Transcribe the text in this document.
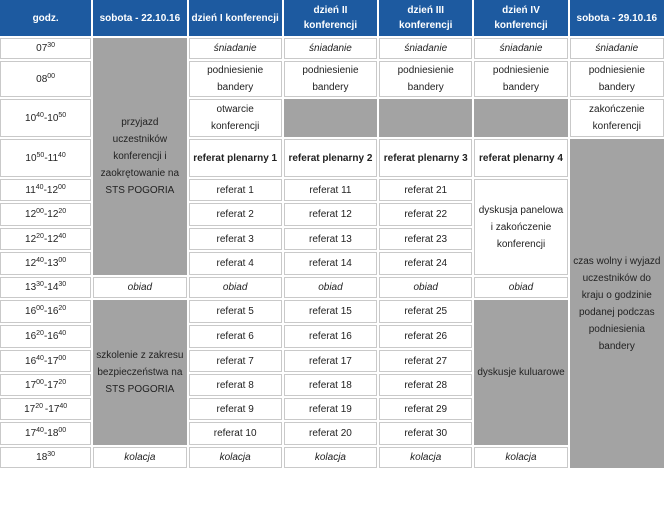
godz.	sobota - 22.10.16	dzień I konferencji	dzień II konferencji	dzień III konferencji	dzień IV konferencji	sobota - 29.10.16
$07^{30}$	przyjazd uczestników konferencji i zaokrętowanie na STS POGORIA	śniadanie	śniadanie	śniadanie	śniadanie	śniadanie
$08^{00}$		podniesienie bandery	podniesienie bandery	podniesienie bandery	podniesienie bandery	podniesienie bandery
$10^{40}-10^{50}$		otwarcie konferencji				zakończenie konferencji
$10^{50}-11^{40}$		referat plenarny 1	referat plenarny 2	referat plenarny 3	referat plenarny 4	czas wolny i wyjazd uczestników do kraju o godzinie podanej podczas podniesienia bandery
$11^{40}-12^{00}$		referat 1	referat 11	referat 21	dyskusja panelowa i zakończenie konferencji	
$12^{00}-12^{20}$		referat 2	referat 12	referat 22		
$12^{20}-12^{40}$		referat 3	referat 13	referat 23		
$12^{40}-13^{00}$		referat 4	referat 14	referat 24		
$13^{30}-14^{30}$	obiad	obiad	obiad	obiad	obiad	
$16^{00}-16^{20}$	szkolenie z zakresu bezpieczeństwa na STS POGORIA	referat 5	referat 15	referat 25	dyskusje kuluarowe	
$16^{20}-16^{40}$		referat 6	referat 16	referat 26		
$16^{40}-17^{00}$		referat 7	referat 17	referat 27		
$17^{00}-17^{20}$		referat 8	referat 18	referat 28		
$17^{20}$ $-17^{40}$		referat 9	referat 19	referat 29		
$17^{40}-18^{00}$		referat 10	referat 20	referat 30		
$18^{30}$	kolacja	kolacja	kolacja	kolacja	kolacja	
